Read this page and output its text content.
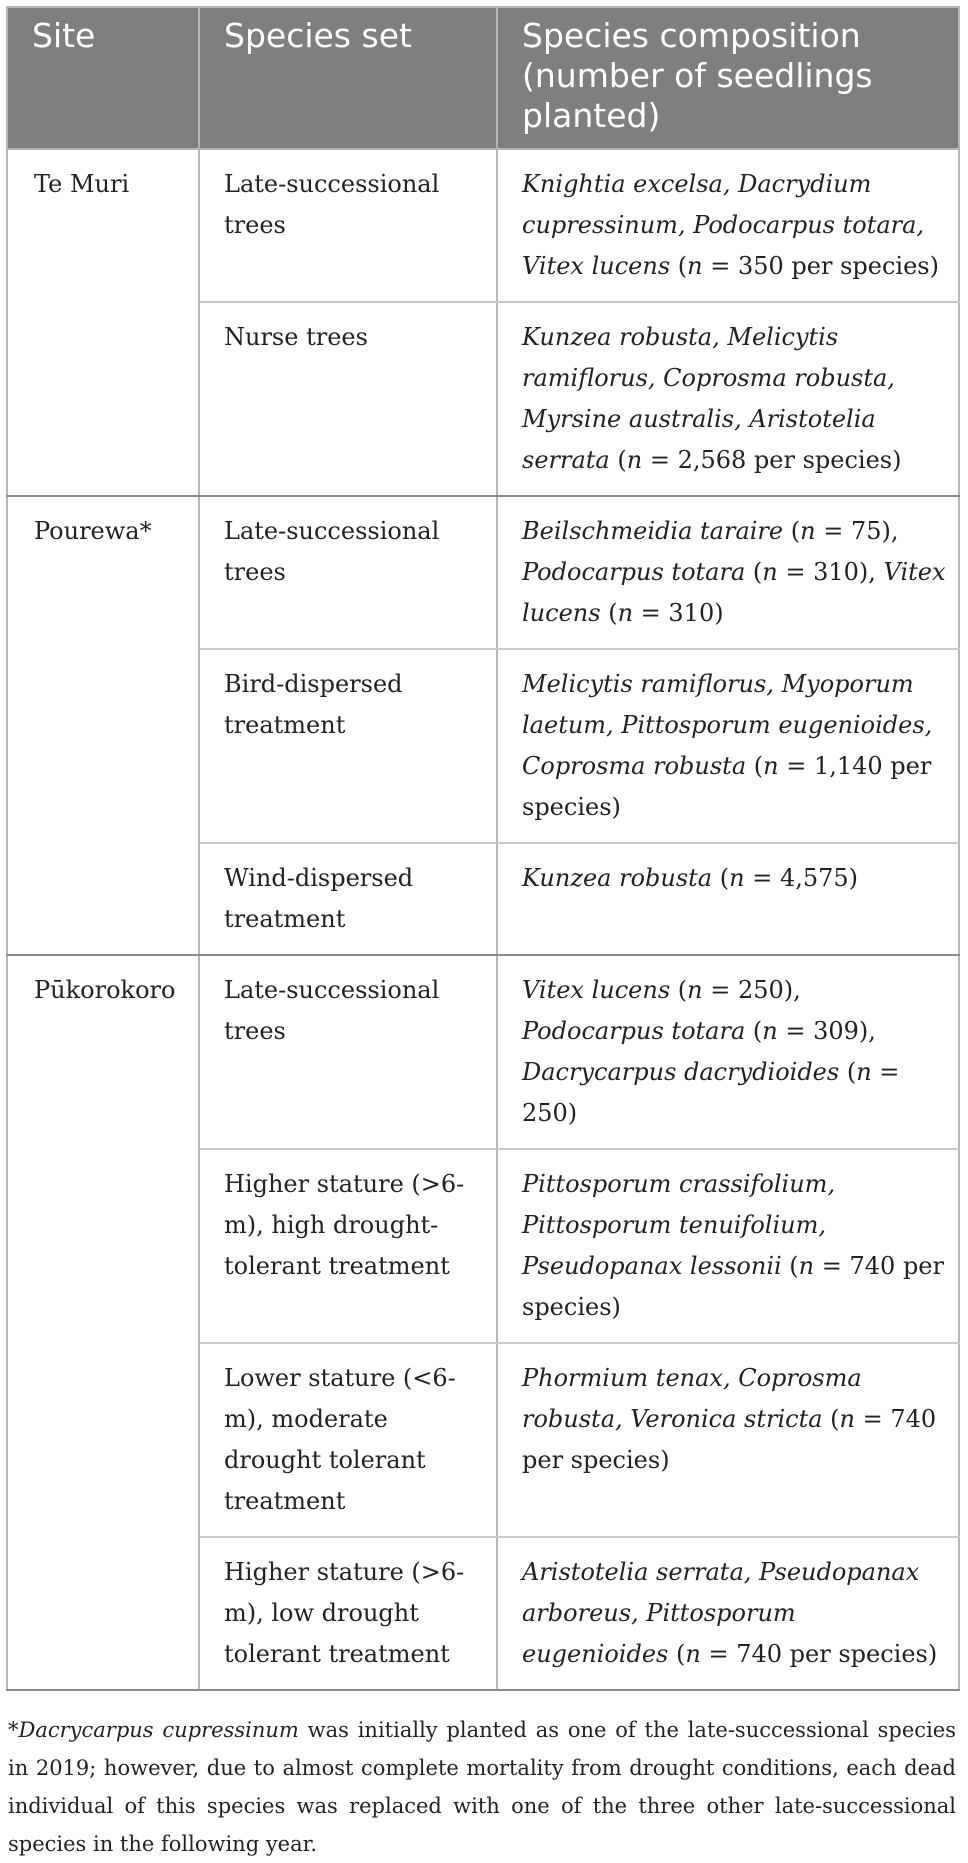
Site	Species set	Species composition (number of seedlings planted)
Te Muri	Late-successional trees	Knightia excelsa, Dacrydium cupressinum, Podocarpus totara, Vitex lucens (n = 350 per species)
	Nurse trees	Kunzea robusta, Melicytis ramiflorus, Coprosma robusta, Myrsine australis, Aristotelia serrata (n = 2,568 per species)
Pourewa*	Late-successional trees	Beilschmeidia taraire (n = 75), Podocarpus totara (n = 310), Vitex lucens (n = 310)
	Bird-dispersed treatment	Melicytis ramiflorus, Myoporum laetum, Pittosporum eugenioides, Coprosma robusta (n = 1,140 per species)
	Wind-dispersed treatment	Kunzea robusta (n = 4,575)
Pūkorokoro	Late-successional trees	Vitex lucens (n = 250), Podocarpus totara (n = 309), Dacrycarpus dacrydioides (n = 250)
	Higher stature (>6-m), high drought-tolerant treatment	Pittosporum crassifolium, Pittosporum tenuifolium, Pseudopanax lessonii (n = 740 per species)
	Lower stature (<6-m), moderate drought tolerant treatment	Phormium tenax, Coprosma robusta, Veronica stricta (n = 740 per species)
	Higher stature (>6-m), low drought tolerant treatment	Aristotelia serrata, Pseudopanax arboreus, Pittosporum eugenioides (n = 740 per species)
*Dacrycarpus cupressinum was initially planted as one of the late-successional species in 2019; however, due to almost complete mortality from drought conditions, each dead individual of this species was replaced with one of the three other late-successional species in the following year.
